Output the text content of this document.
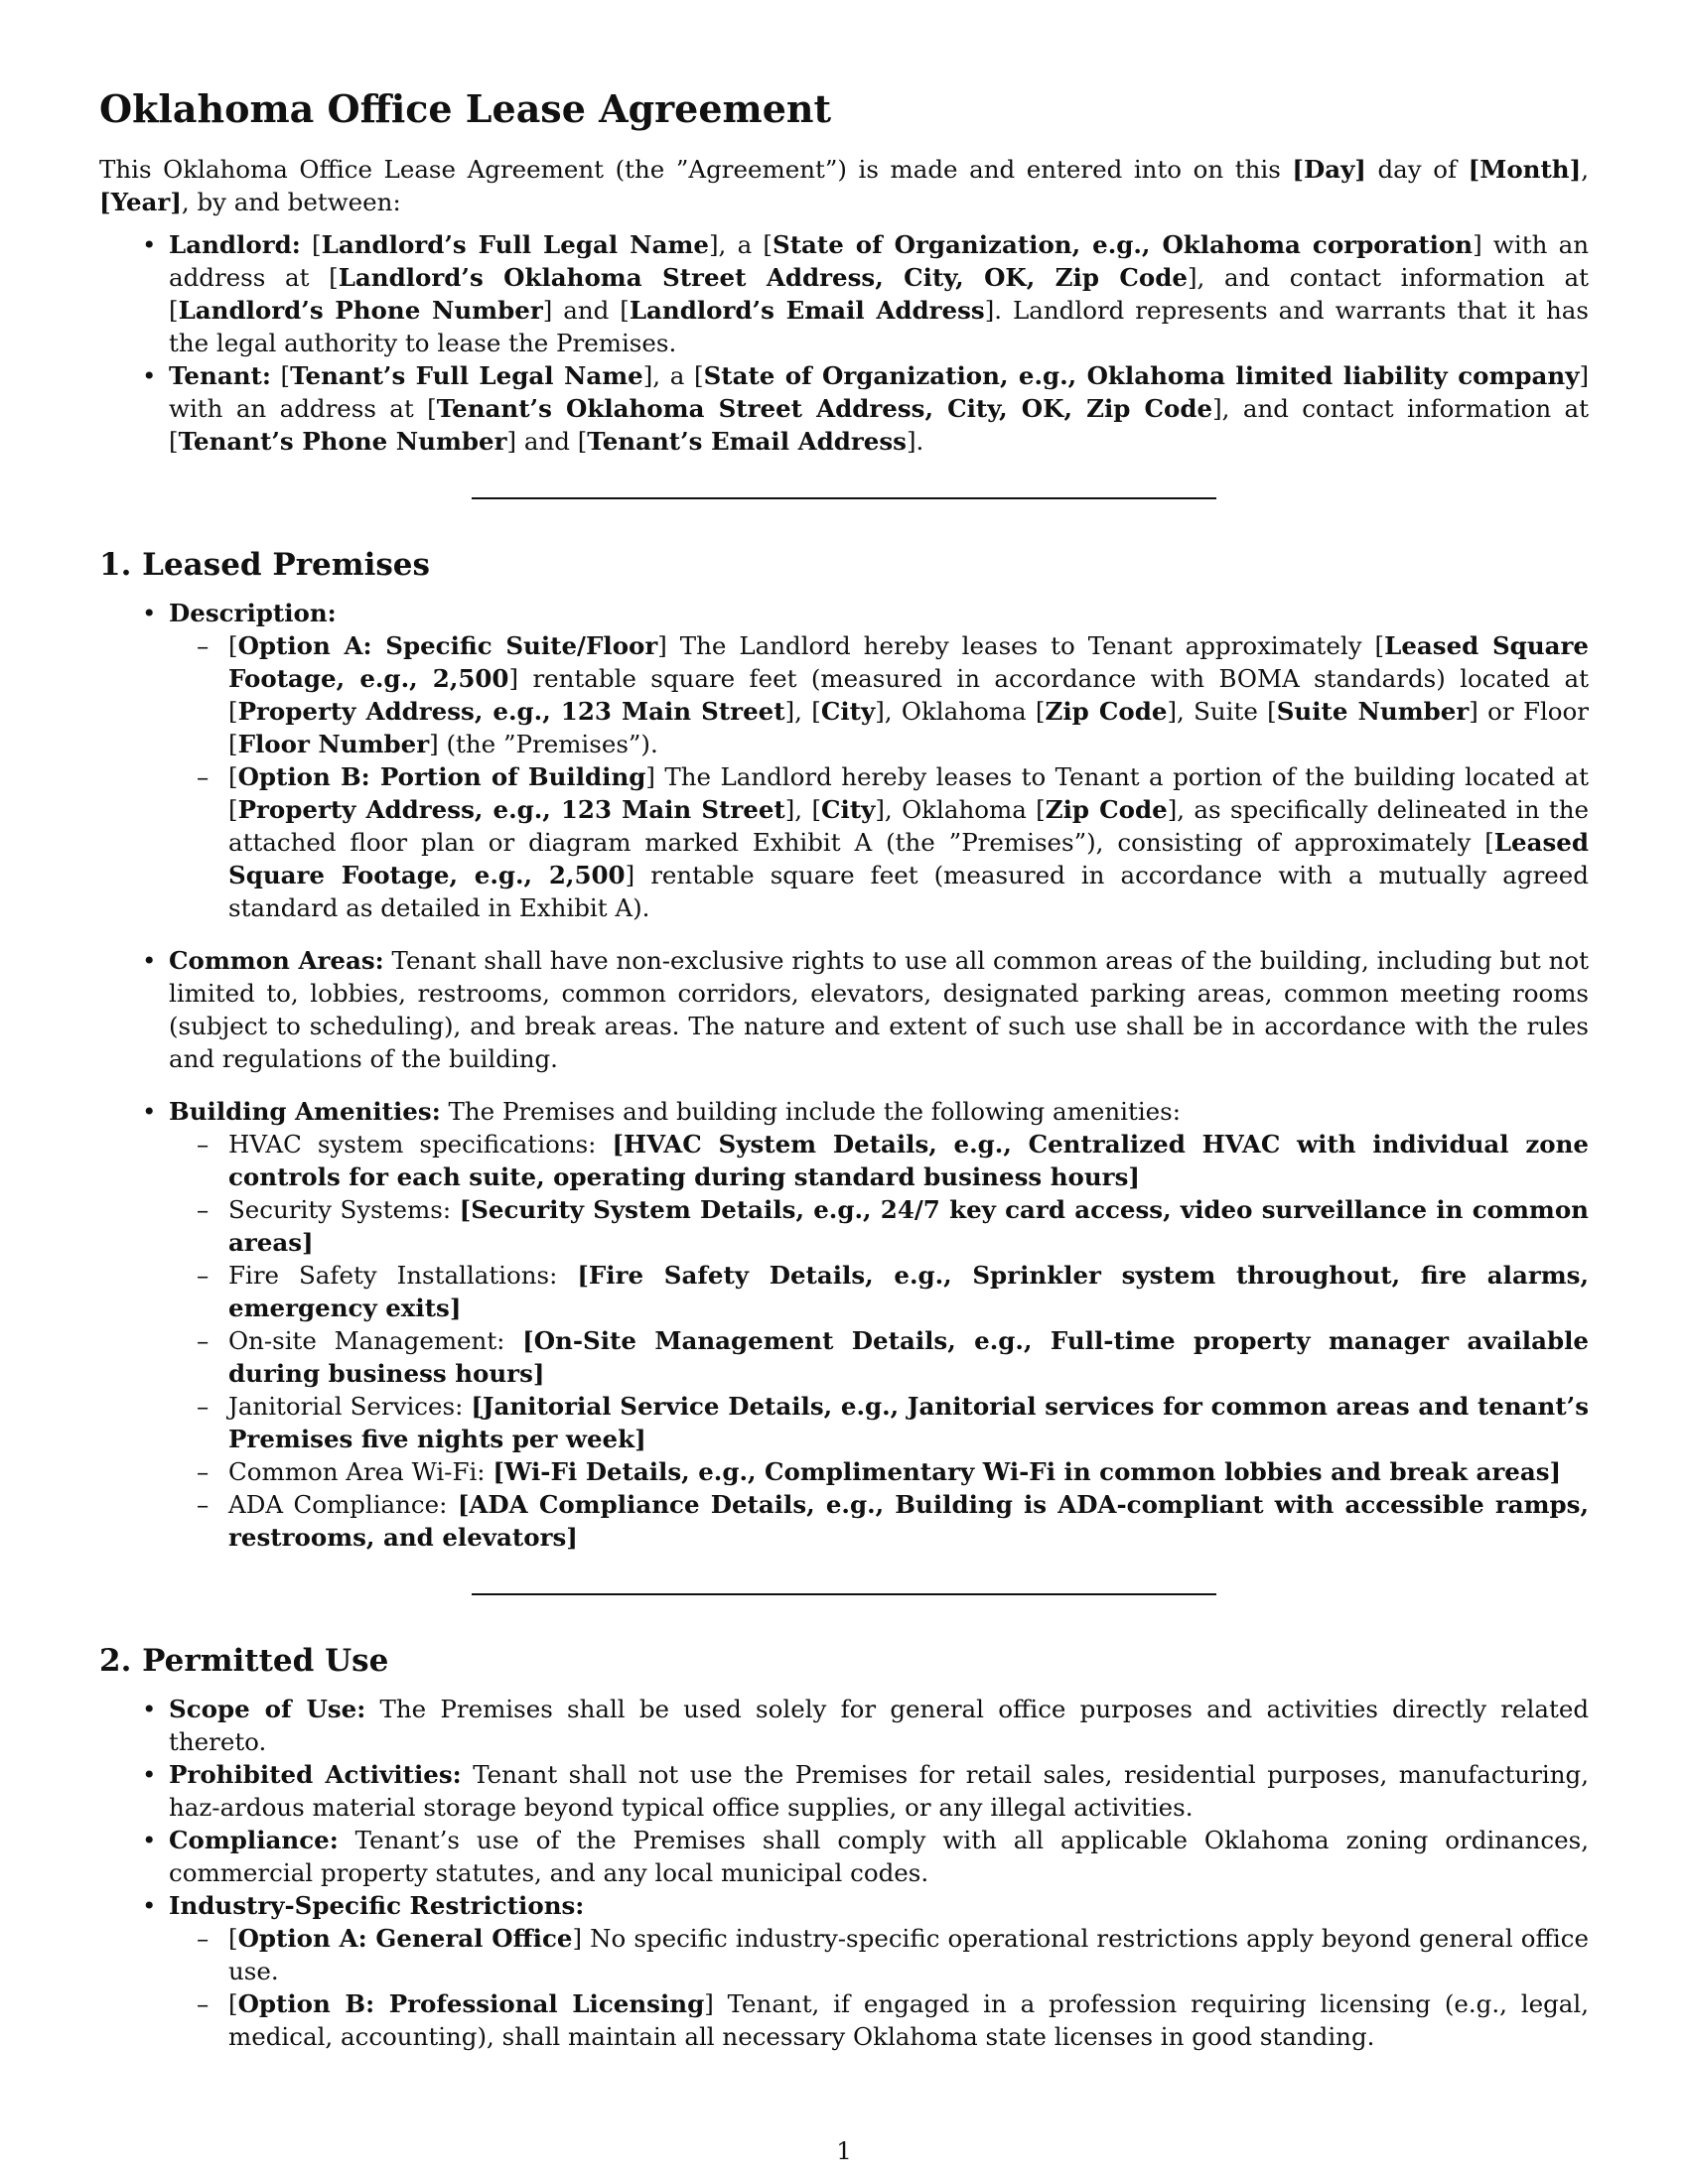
Oklahoma Office Lease Agreement

This Oklahoma Office Lease Agreement (the ”Agreement”) is made and entered into on this [Day] day of [Month], [Year], by and between:

• Landlord: [Landlord’s Full Legal Name], a [State of Organization, e.g., Oklahoma corporation] with an address at [Landlord’s Oklahoma Street Address, City, OK, Zip Code], and contact information at [Landlord’s Phone Number] and [Landlord’s Email Address]. Landlord represents and warrants that it has the legal authority to lease the Premises.
• Tenant: [Tenant’s Full Legal Name], a [State of Organization, e.g., Oklahoma limited liability company] with an address at [Tenant’s Oklahoma Street Address, City, OK, Zip Code], and contact information at [Tenant’s Phone Number] and [Tenant’s Email Address].
1. Leased Premises
• Description:
– [Option A: Specific Suite/Floor] The Landlord hereby leases to Tenant approximately [Leased Square Footage, e.g., 2,500] rentable square feet (measured in accordance with BOMA standards) located at [Property Address, e.g., 123 Main Street], [City], Oklahoma [Zip Code], Suite [Suite Number] or Floor [Floor Number] (the ”Premises”).
– [Option B: Portion of Building] The Landlord hereby leases to Tenant a portion of the building located at [Property Address, e.g., 123 Main Street], [City], Oklahoma [Zip Code], as specifically delineated in the attached floor plan or diagram marked Exhibit A (the ”Premises”), consisting of approximately [Leased Square Footage, e.g., 2,500] rentable square feet (measured in accordance with a mutually agreed standard as detailed in Exhibit A).
• Common Areas: Tenant shall have non-exclusive rights to use all common areas of the building, including but not limited to, lobbies, restrooms, common corridors, elevators, designated parking areas, common meeting rooms (subject to scheduling), and break areas. The nature and extent of such use shall be in accordance with the rules and regulations of the building.
• Building Amenities: The Premises and building include the following amenities:
– HVAC system specifications: [HVAC System Details, e.g., Centralized HVAC with individual zone controls for each suite, operating during standard business hours]
– Security Systems: [Security System Details, e.g., 24/7 key card access, video surveillance in common areas]
– Fire Safety Installations: [Fire Safety Details, e.g., Sprinkler system throughout, fire alarms, emergency exits]
– On-site Management: [On-Site Management Details, e.g., Full-time property manager available during business hours]
– Janitorial Services: [Janitorial Service Details, e.g., Janitorial services for common areas and tenant’s Premises five nights per week]
– Common Area Wi-Fi: [Wi-Fi Details, e.g., Complimentary Wi-Fi in common lobbies and break areas]
– ADA Compliance: [ADA Compliance Details, e.g., Building is ADA-compliant with accessible ramps, restrooms, and elevators]
2. Permitted Use
• Scope of Use: The Premises shall be used solely for general office purposes and activities directly related thereto.
• Prohibited Activities: Tenant shall not use the Premises for retail sales, residential purposes, manufacturing, haz-ardous material storage beyond typical office supplies, or any illegal activities.
• Compliance: Tenant’s use of the Premises shall comply with all applicable Oklahoma zoning ordinances, commercial property statutes, and any local municipal codes.
• Industry-Specific Restrictions:
– [Option A: General Office] No specific industry-specific operational restrictions apply beyond general office use.
– [Option B: Professional Licensing] Tenant, if engaged in a profession requiring licensing (e.g., legal, medical, accounting), shall maintain all necessary Oklahoma state licenses in good standing.
1
